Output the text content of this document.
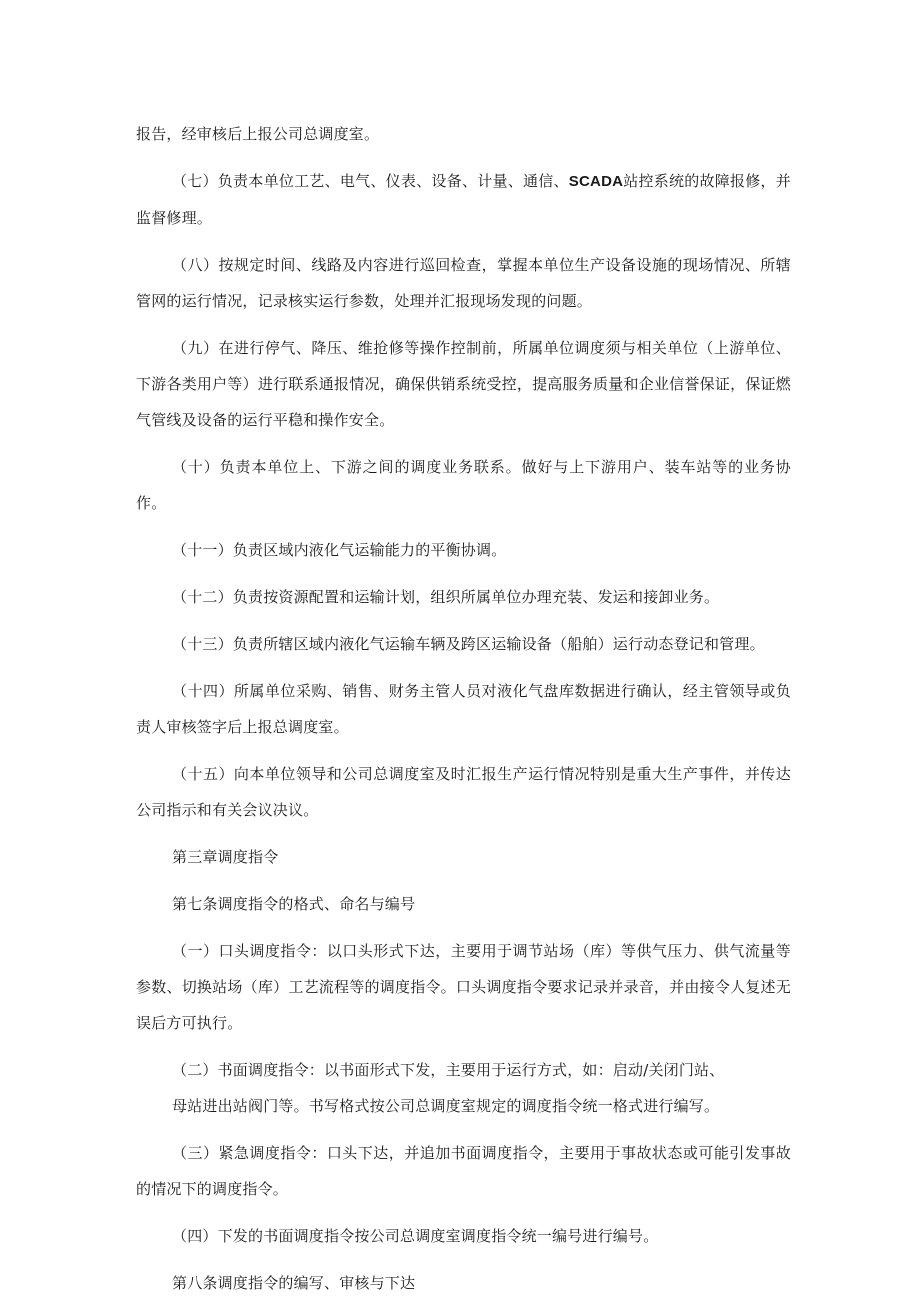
报告，经审核后上报公司总调度室。

（七）负责本单位工艺、电气、仪表、设备、计量、通信、SCADA站控系统的故障报修，并监督修理。

（八）按规定时间、线路及内容进行巡回检查，掌握本单位生产设备设施的现场情况、所辖管网的运行情况，记录核实运行参数，处理并汇报现场发现的问题。

（九）在进行停气、降压、维抢修等操作控制前，所属单位调度须与相关单位（上游单位、下游各类用户等）进行联系通报情况，确保供销系统受控，提高服务质量和企业信誉保证，保证燃气管线及设备的运行平稳和操作安全。

（十）负责本单位上、下游之间的调度业务联系。做好与上下游用户、装车站等的业务协作。

（十一）负责区域内液化气运输能力的平衡协调。

（十二）负责按资源配置和运输计划，组织所属单位办理充装、发运和接卸业务。

（十三）负责所辖区域内液化气运输车辆及跨区运输设备（船舶）运行动态登记和管理。

（十四）所属单位采购、销售、财务主管人员对液化气盘库数据进行确认，经主管领导或负责人审核签字后上报总调度室。

（十五）向本单位领导和公司总调度室及时汇报生产运行情况特别是重大生产事件，并传达公司指示和有关会议决议。

第三章调度指令

第七条调度指令的格式、命名与编号

（一）口头调度指令：以口头形式下达，主要用于调节站场（库）等供气压力、供气流量等参数、切换站场（库）工艺流程等的调度指令。口头调度指令要求记录并录音，并由接令人复述无误后方可执行。

（二）书面调度指令：以书面形式下发，主要用于运行方式，如：启动/关闭门站、

母站进出站阀门等。书写格式按公司总调度室规定的调度指令统一格式进行编写。

（三）紧急调度指令：口头下达，并追加书面调度指令，主要用于事故状态或可能引发事故的情况下的调度指令。

（四）下发的书面调度指令按公司总调度室调度指令统一编号进行编号。

第八条调度指令的编写、审核与下达
